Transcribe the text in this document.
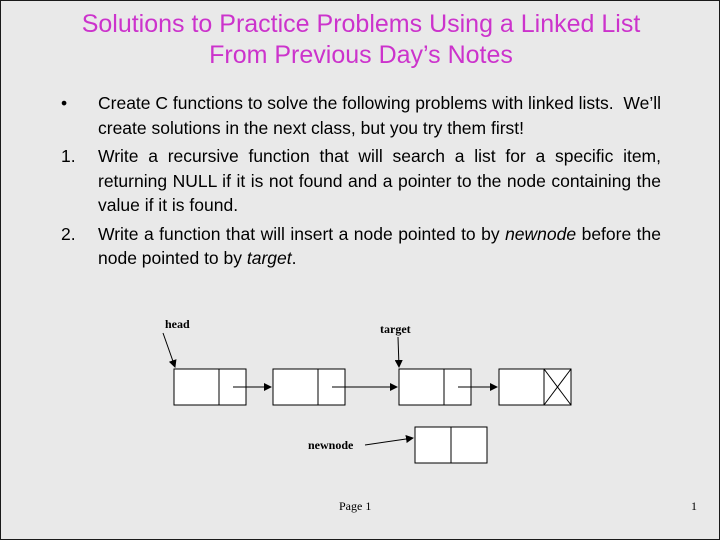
Solutions to Practice Problems Using a Linked List
From Previous Day’s Notes
• Create C functions to solve the following problems with linked lists.  We’ll create solutions in the next class, but you try them first!
1. Write a recursive function that will search a list for a specific item, returning NULL if it is not found and a pointer to the node containing the value if it is found.
2. Write a function that will insert a node pointed to by newnode before the node pointed to by target.
head	target
newnode
Page 1	1
